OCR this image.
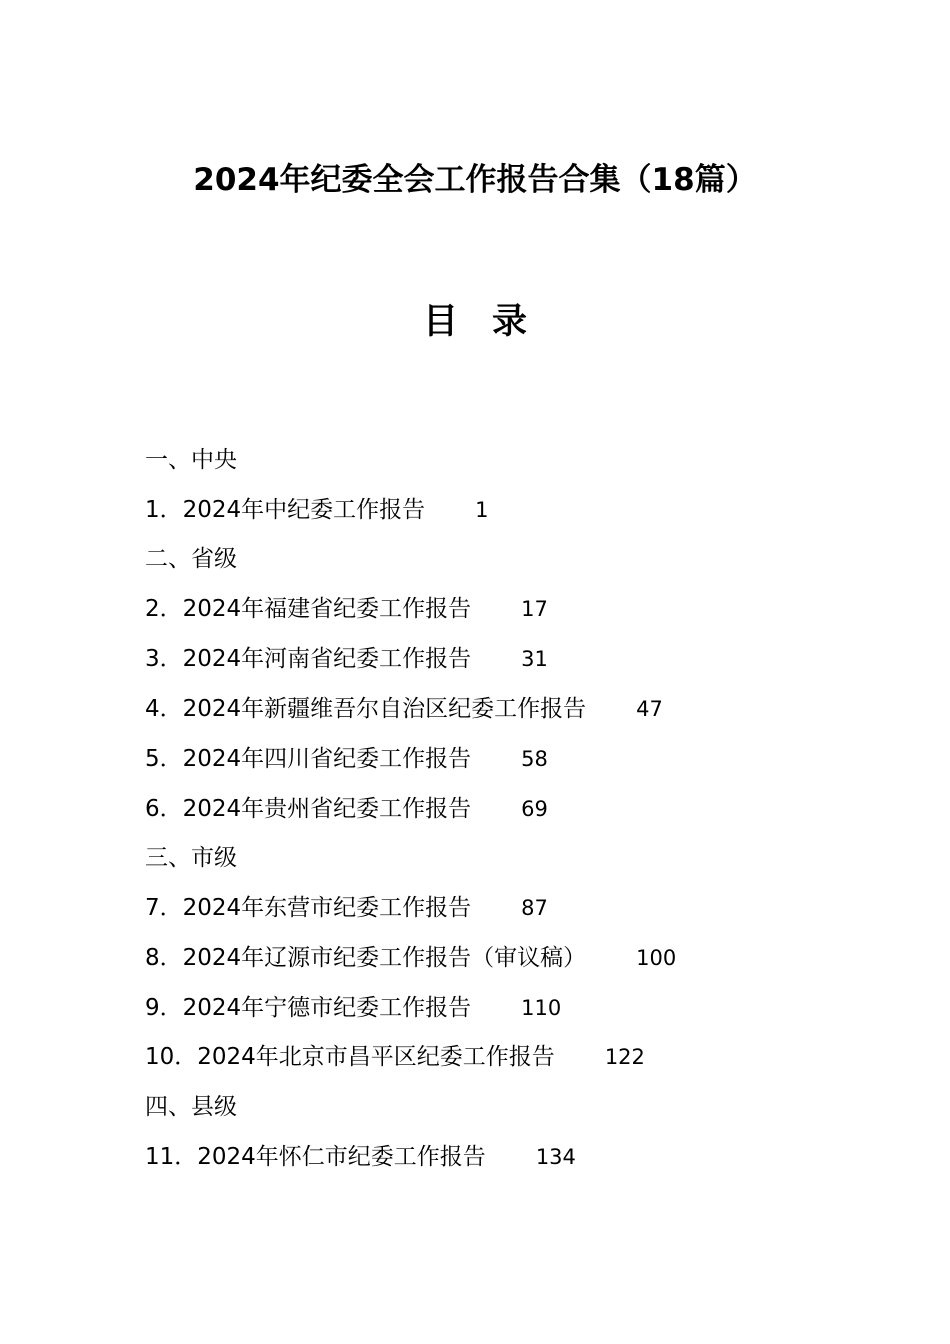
2024年纪委全会工作报告合集（18篇）
目录
一、中央
1．2024年中纪委工作报告 1
二、省级
2．2024年福建省纪委工作报告 17
3．2024年河南省纪委工作报告 31
4．2024年新疆维吾尔自治区纪委工作报告 47
5．2024年四川省纪委工作报告 58
6．2024年贵州省纪委工作报告 69
三、市级
7．2024年东营市纪委工作报告 87
8．2024年辽源市纪委工作报告（审议稿） 100
9．2024年宁德市纪委工作报告 110
10．2024年北京市昌平区纪委工作报告 122
四、县级
11．2024年怀仁市纪委工作报告 134
